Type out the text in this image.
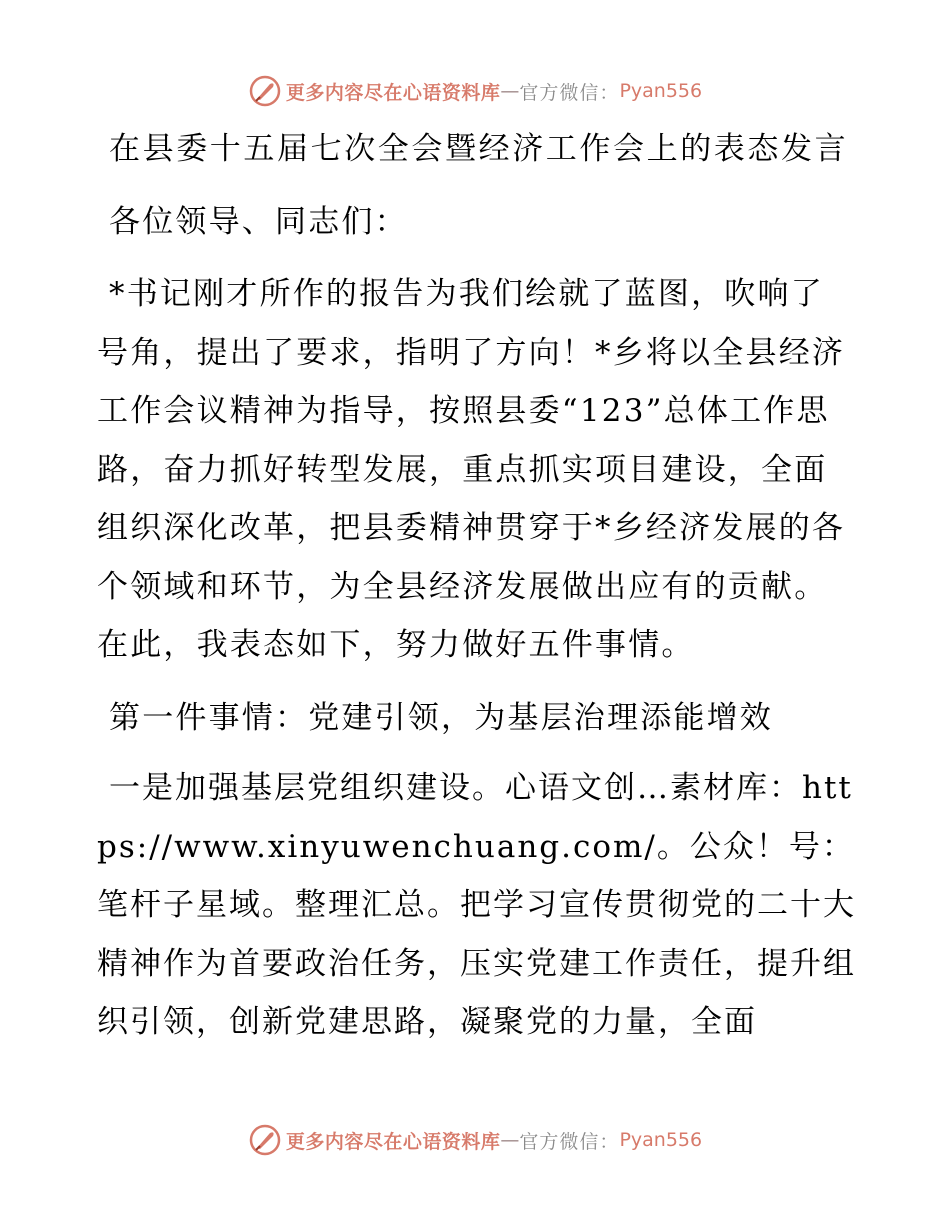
更多内容尽在心语资料库 — 官方微信： Pyan556

在县委十五届七次全会暨经济工作会上的表态发言

各位领导、同志们：

*书记刚才所作的报告为我们绘就了蓝图，吹响了号角，提出了要求，指明了方向！*乡将以全县经济工作会议精神为指导，按照县委“123”总体工作思路，奋力抓好转型发展，重点抓实项目建设，全面组织深化改革，把县委精神贯穿于*乡经济发展的各个领域和环节，为全县经济发展做出应有的贡献。在此，我表态如下，努力做好五件事情。

第一件事情：党建引领，为基层治理添能增效

一是加强基层党组织建设。心语文创…素材库：https://www.xinyuwenchuang.com/。公众！号：笔杆子星域。整理汇总。把学习宣传贯彻党的二十大精神作为首要政治任务，压实党建工作责任，提升组织引领，创新党建思路，凝聚党的力量，全面

更多内容尽在心语资料库 — 官方微信： Pyan556
